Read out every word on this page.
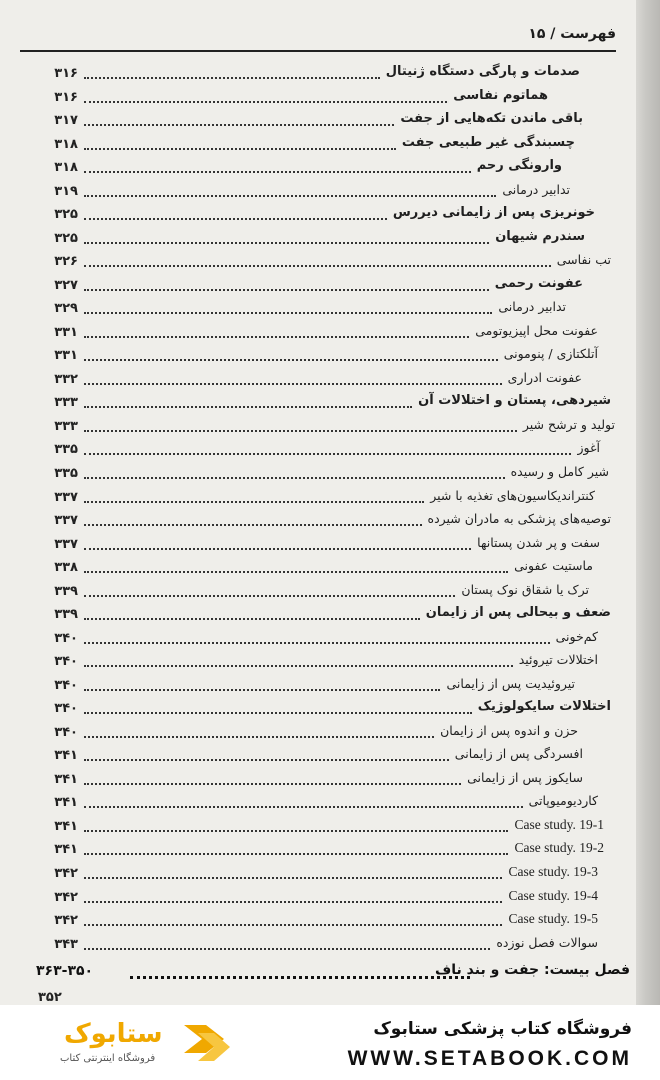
فهرست / ۱۵
۳۱۶	صدمات و پارگی دستگاه ژنیتال
۳۱۶	هماتوم نفاسی
۳۱۷	باقی ماندن تکه‌هایی از جفت
۳۱۸	چسبندگی غیر طبیعی جفت
۳۱۸	وارونگی رحم
۳۱۹	تدابیر درمانی
۳۲۵	خونریزی پس از زایمانی دیررس
۳۲۵	سندرم شیهان
۳۲۶	تب نفاسی
۳۲۷	عفونت رحمی
۳۲۹	تدابیر درمانی
۳۳۱	عفونت محل اپیزیوتومی
۳۳۱	آتلکتازی / پنومونی
۳۳۲	عفونت ادراری
۳۳۳	شیردهی، پستان و اختلالات آن
۳۳۳	تولید و ترشح شیر
۳۳۵	آغوز
۳۳۵	شیر کامل و رسیده
۳۳۷	کنتراندیکاسیون‌های تغذیه با شیر
۳۳۷	توصیه‌های پزشکی به مادران شیرده
۳۳۷	سفت و پر شدن پستانها
۳۳۸	ماستیت عفونی
۳۳۹	ترک یا شقاق نوک پستان
۳۳۹	ضعف و بیحالی پس از زایمان
۳۴۰	کم‌خونی
۳۴۰	اختلالات تیروئید
۳۴۰	تیروئیدیت پس از زایمانی
۳۴۰	اختلالات سایکولوژیک
۳۴۰	حزن و اندوه پس از زایمان
۳۴۱	افسردگی پس از زایمانی
۳۴۱	سایکوز پس از زایمانی
۳۴۱	کاردیومیوپاتی
۳۴۱	Case study. 19-1
۳۴۱	Case study. 19-2
۳۴۲	Case study. 19-3
۳۴۲	Case study. 19-4
۳۴۲	Case study. 19-5
۳۴۳	سوالات فصل نوزده
۳۶۳-۳۵۰	فصل بیست: جفت و بند ناف
۳۵۲
ستابوک
فروشگاه اینترنتی کتاب
فروشگاه کتاب پزشکی ستابوک
WWW.SETABOOK.COM
